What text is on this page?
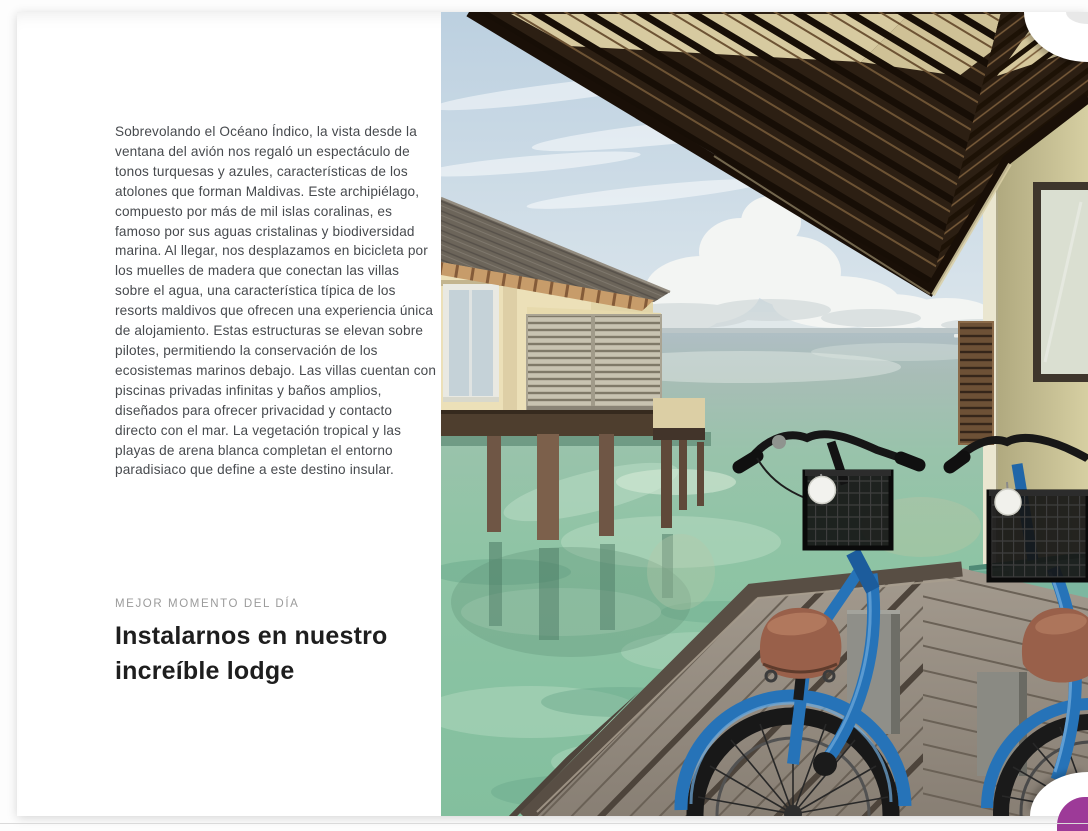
Sobrevolando el Océano Índico, la vista desde la ventana del avión nos regaló un espectáculo de tonos turquesas y azules, características de los atolones que forman Maldivas. Este archipiélago, compuesto por más de mil islas coralinas, es famoso por sus aguas cristalinas y biodiversidad marina. Al llegar, nos desplazamos en bicicleta por los muelles de madera que conectan las villas sobre el agua, una característica típica de los resorts maldivos que ofrecen una experiencia única de alojamiento. Estas estructuras se elevan sobre pilotes, permitiendo la conservación de los ecosistemas marinos debajo. Las villas cuentan con piscinas privadas infinitas y baños amplios, diseñados para ofrecer privacidad y contacto directo con el mar. La vegetación tropical y las playas de arena blanca completan el entorno paradisiaco que define a este destino insular.

MEJOR MOMENTO DEL DÍA
Instalarnos en nuestro increíble lodge
